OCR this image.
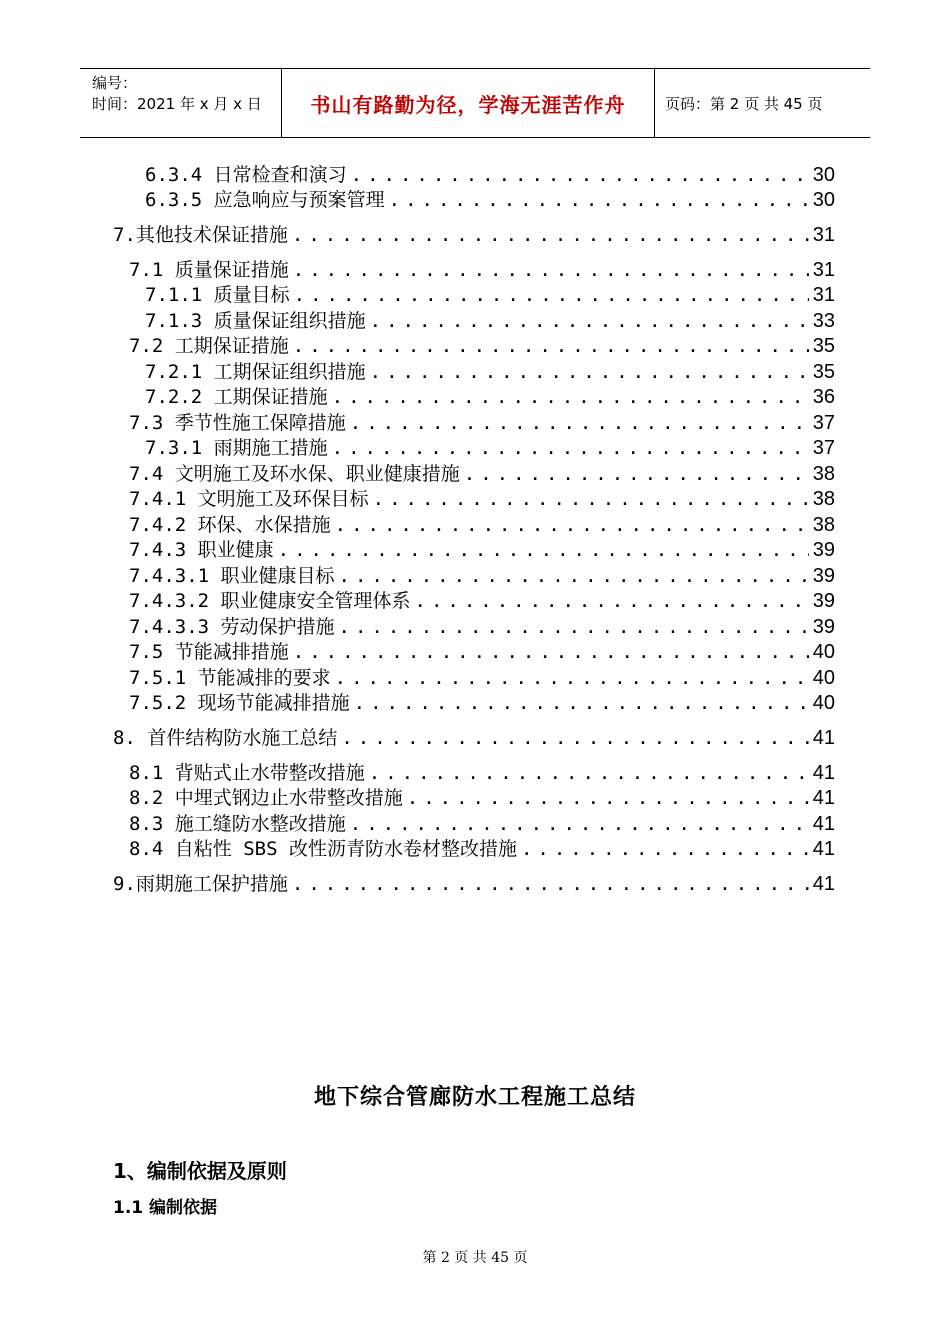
编号：
时间：2021 年 x 月 x 日	书山有路勤为径，学海无涯苦作舟	页码：第 2 页 共 45 页
6.3.4 日常检查和演习 .....	30
6.3.5 应急响应与预案管理 .....	30
7.其他技术保证措施 .....	31
7.1 质量保证措施 .....	31
7.1.1 质量目标 .....	31
7.1.3 质量保证组织措施 .....	33
7.2 工期保证措施 .....	35
7.2.1 工期保证组织措施 .....	35
7.2.2 工期保证措施 .....	36
7.3 季节性施工保障措施 .....	37
7.3.1 雨期施工措施 .....	37
7.4 文明施工及环水保、职业健康措施 .....	38
7.4.1 文明施工及环保目标 .....	38
7.4.2 环保、水保措施 .....	38
7.4.3 职业健康 .....	39
7.4.3.1 职业健康目标 .....	39
7.4.3.2 职业健康安全管理体系 .....	39
7.4.3.3 劳动保护措施 .....	39
7.5 节能减排措施 .....	40
7.5.1 节能减排的要求 .....	40
7.5.2 现场节能减排措施 .....	40
8. 首件结构防水施工总结 .....	41
8.1 背贴式止水带整改措施 .....	41
8.2 中埋式钢边止水带整改措施 .....	41
8.3 施工缝防水整改措施 .....	41
8.4 自粘性 SBS 改性沥青防水卷材整改措施 .....	41
9.雨期施工保护措施 .....	41
地下综合管廊防水工程施工总结
1、编制依据及原则
1.1 编制依据
第 2 页 共 45 页
